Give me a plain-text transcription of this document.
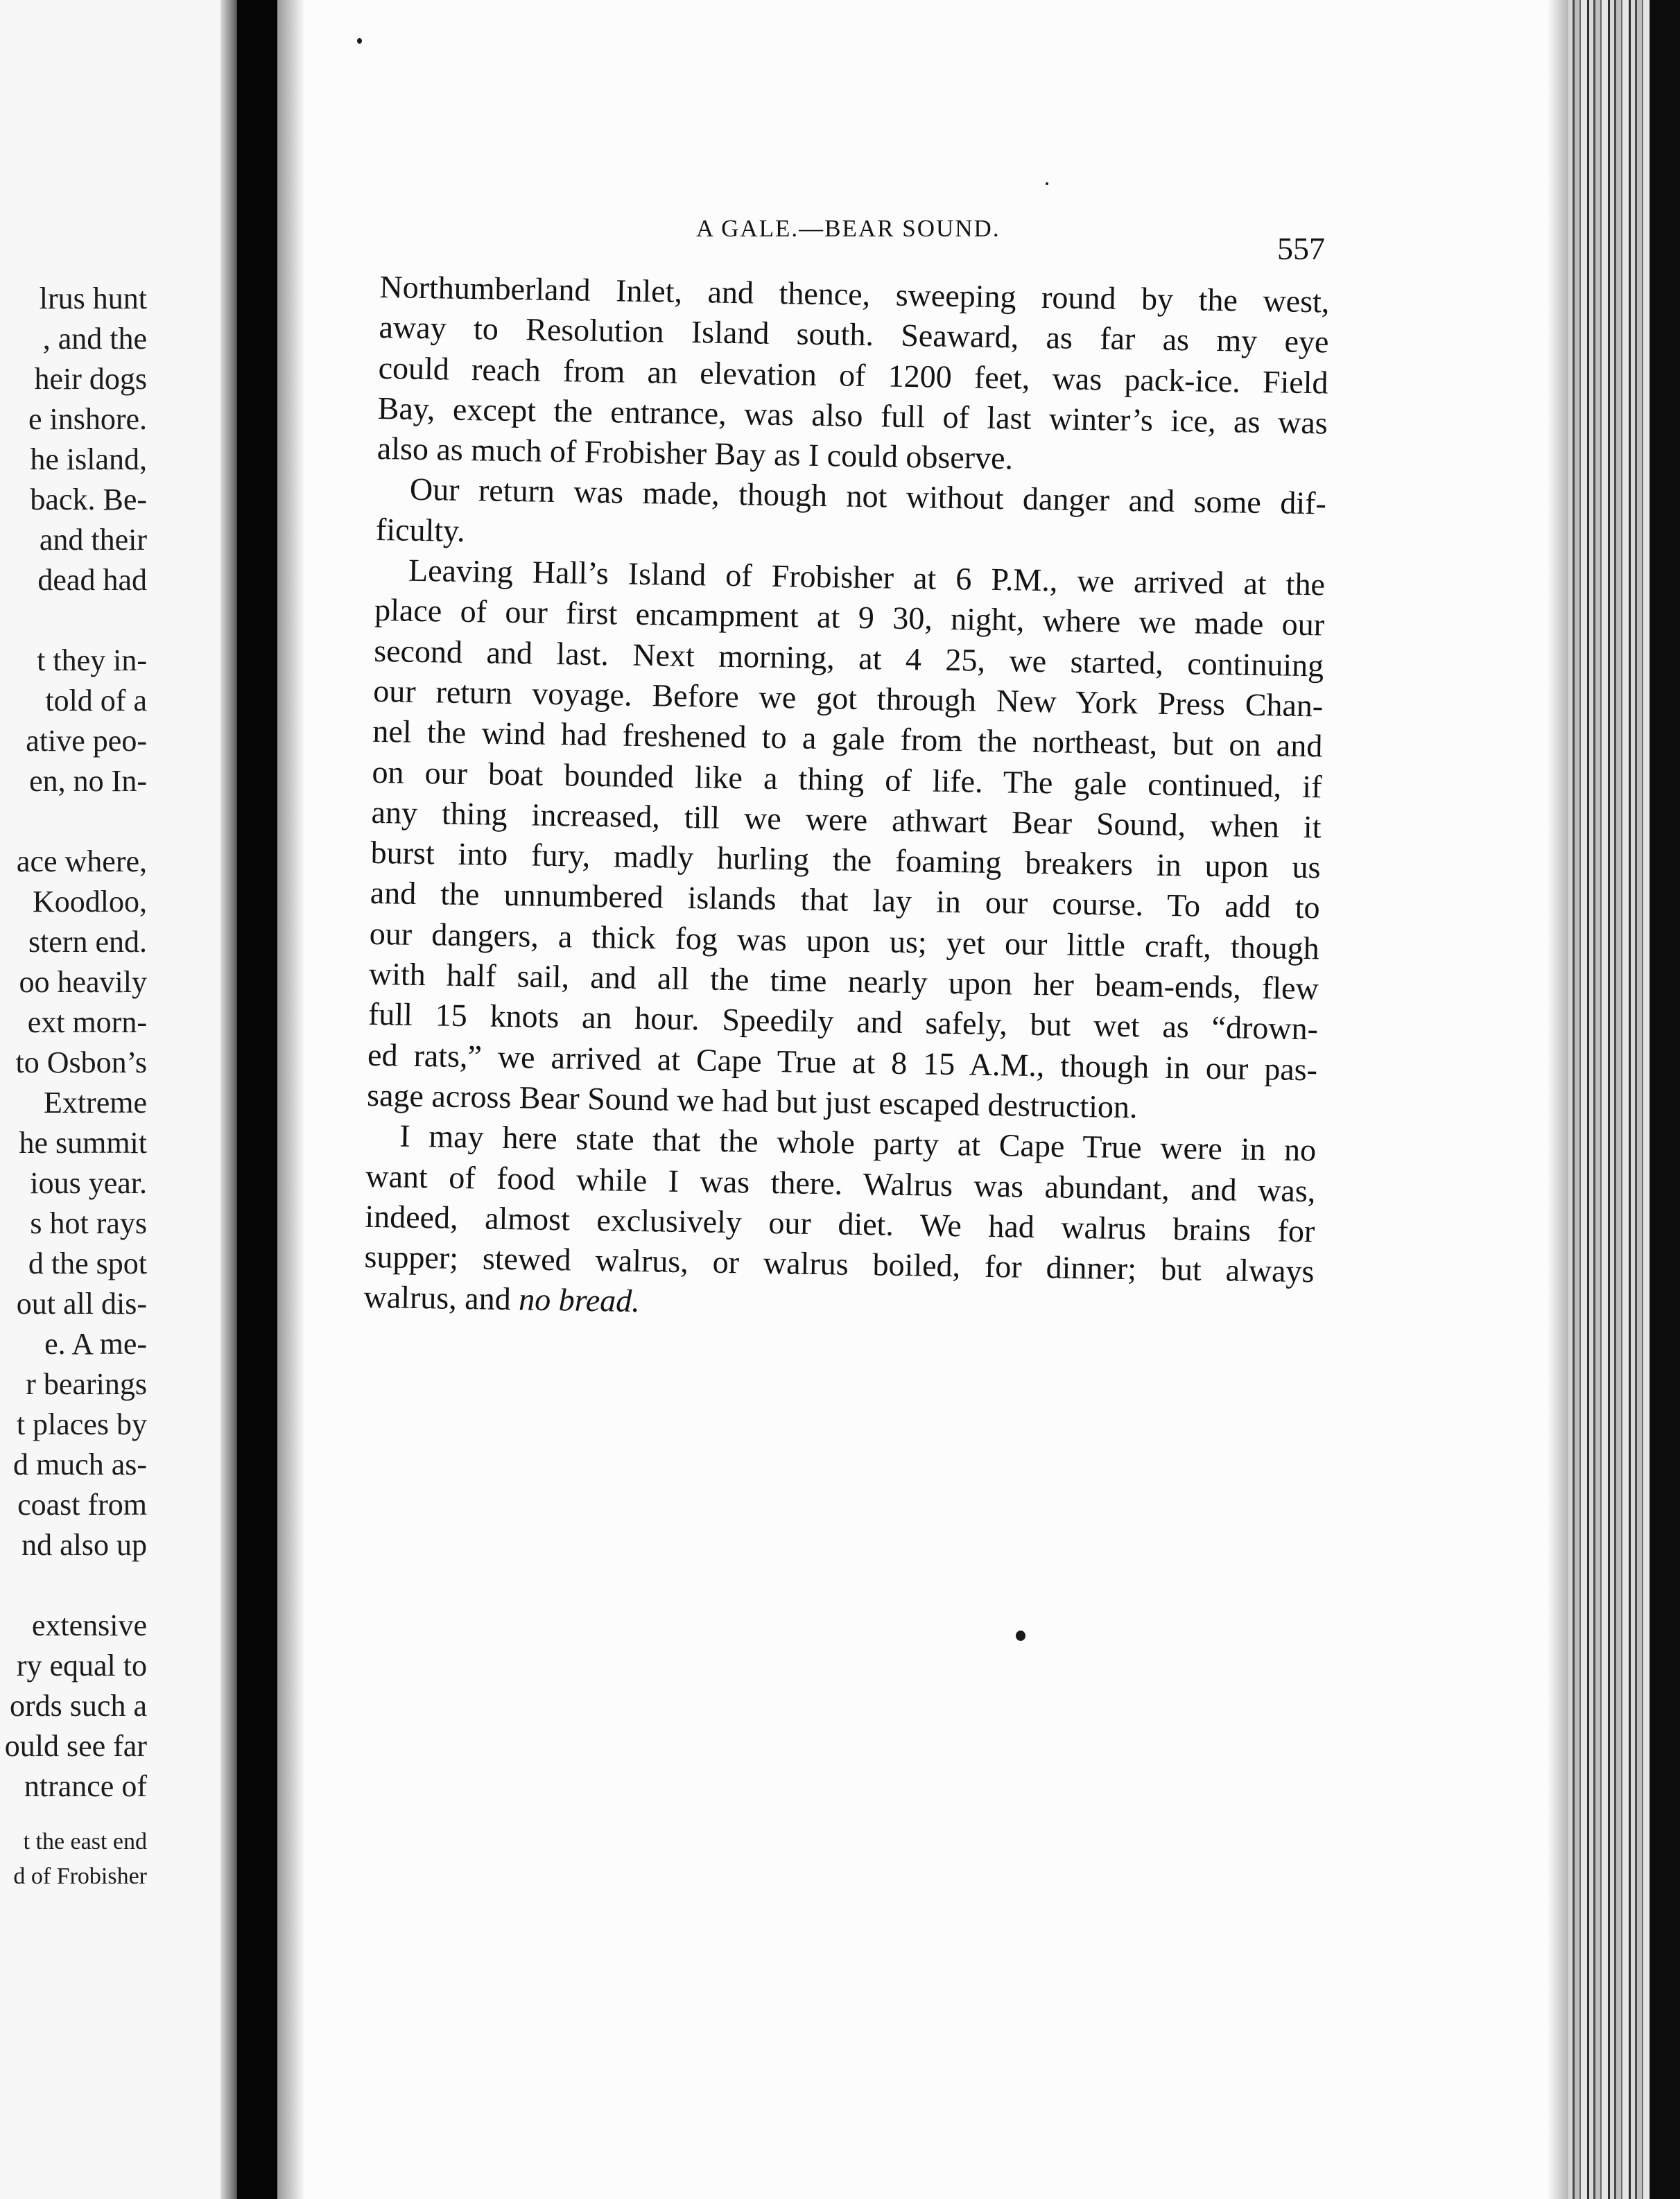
lrus hunt
, and the
heir dogs
e inshore.
he island,
back. Be-
and their
dead had
t they in-
told of a
ative peo-
en, no In-
ace where,
Koodloo,
stern end.
oo heavily
ext morn-
to Osbon’s
Extreme
he summit
ious year.
s hot rays
d the spot
out all dis-
e. A me-
r bearings
t places by
d much as-
coast from
nd also up
extensive
ry equal to
ords such a
ould see far
ntrance of
t the east end
d of Frobisher
A GALE.—BEAR SOUND.
557
Northumberland Inlet, and thence, sweeping round by the west,
away to Resolution Island south. Seaward, as far as my eye
could reach from an elevation of 1200 feet, was pack-ice. Field
Bay, except the entrance, was also full of last winter’s ice, as was
also as much of Frobisher Bay as I could observe.
Our return was made, though not without danger and some dif-
ficulty.
Leaving Hall’s Island of Frobisher at 6 P.M., we arrived at the
place of our first encampment at 9 30, night, where we made our
second and last. Next morning, at 4 25, we started, continuing
our return voyage. Before we got through New York Press Chan-
nel the wind had freshened to a gale from the northeast, but on and
on our boat bounded like a thing of life. The gale continued, if
any thing increased, till we were athwart Bear Sound, when it
burst into fury, madly hurling the foaming breakers in upon us
and the unnumbered islands that lay in our course. To add to
our dangers, a thick fog was upon us; yet our little craft, though
with half sail, and all the time nearly upon her beam-ends, flew
full 15 knots an hour. Speedily and safely, but wet as “drown-
ed rats,” we arrived at Cape True at 8 15 A.M., though in our pas-
sage across Bear Sound we had but just escaped destruction.
I may here state that the whole party at Cape True were in no
want of food while I was there. Walrus was abundant, and was,
indeed, almost exclusively our diet. We had walrus brains for
supper; stewed walrus, or walrus boiled, for dinner; but always
walrus, and no bread.
